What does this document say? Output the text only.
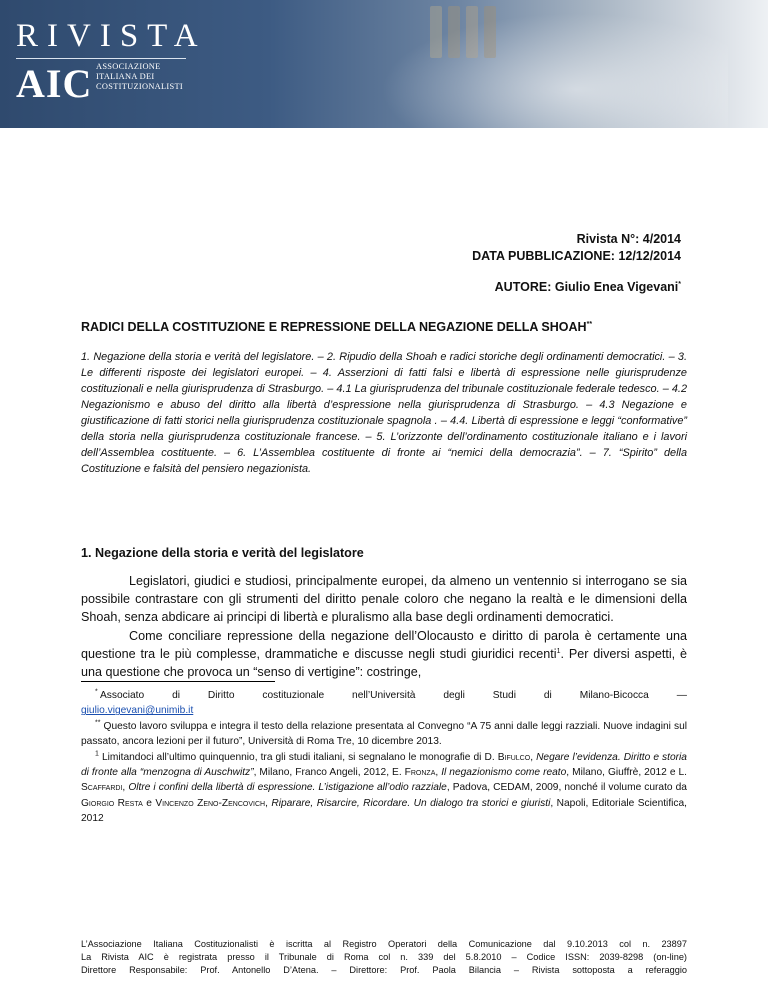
RIVISTA
AIC ASSOCIAZIONE
ITALIANA DEI
COSTITUZIONALISTI
Rivista N°: 4/2014
DATA PUBBLICAZIONE: 12/12/2014
AUTORE: Giulio Enea Vigevani*
RADICI DELLA COSTITUZIONE E REPRESSIONE DELLA NEGAZIONE DELLA SHOAH**

1. Negazione della storia e verità del legislatore. – 2. Ripudio della Shoah e radici storiche degli ordinamenti democratici. – 3. Le differenti risposte dei legislatori europei. – 4. Asserzioni di fatti falsi e libertà di espressione nelle giurisprudenze costituzionali e nella giurisprudenza di Strasburgo. – 4.1 La giurisprudenza del tribunale costituzionale federale tedesco. – 4.2 Negazionismo e abuso del diritto alla libertà d’espressione nella giurisprudenza di Strasburgo. – 4.3 Negazione e giustificazione di fatti storici nella giurisprudenza costituzionale spagnola . – 4.4. Libertà di espressione e leggi “conformative” della storia nella giurisprudenza costituzionale francese. – 5. L’orizzonte dell’ordinamento costituzionale italiano e i lavori dell’Assemblea costituente. – 6. L’Assemblea costituente di fronte ai “nemici della democrazia”. – 7. “Spirito” della Costituzione e falsità del pensiero negazionista.

1. Negazione della storia e verità del legislatore

Legislatori, giudici e studiosi, principalmente europei, da almeno un ventennio si interrogano se sia possibile contrastare con gli strumenti del diritto penale coloro che negano la realtà e le dimensioni della Shoah, senza abdicare ai principi di libertà e pluralismo alla base degli ordinamenti democratici.

Come conciliare repressione della negazione dell’Olocausto e diritto di parola è certamente una questione tra le più complesse, drammatiche e discusse negli studi giuridici recenti$^1$. Per diversi aspetti, è una questione che provoca un “senso di vertigine”: costringe,

* Associato	di	Diritto	costituzionale	nell’Università	degli	Studi	di	Milano-Bicocca	—

giulio.vigevani@unimib.it

** Questo lavoro sviluppa e integra il testo della relazione presentata al Convegno “A 75 anni dalle leggi razziali. Nuove indagini sul passato, ancora lezioni per il futuro”, Università di Roma Tre, 10 dicembre 2013.

$^1$ Limitandoci all’ultimo quinquennio, tra gli studi italiani, si segnalano le monografie di D. Bifulco, Negare l’evidenza. Diritto e storia di fronte alla “menzogna di Auschwitz”, Milano, Franco Angeli, 2012, E. Fronza, Il negazionismo come reato, Milano, Giuffrè, 2012 e L. Scaffardi, Oltre i confini della libertà di espressione. L’istigazione all’odio razziale, Padova, CEDAM, 2009, nonché il volume curato da Giorgio Resta e Vincenzo Zeno-Zencovich, Riparare, Risarcire, Ricordare. Un dialogo tra storici e giuristi, Napoli, Editoriale Scientifica, 2012

L’Associazione Italiana Costituzionalisti è iscritta al Registro Operatori della Comunicazione dal 9.10.2013 col n. 23897
La Rivista AIC è registrata presso il Tribunale di Roma col n. 339 del 5.8.2010 – Codice ISSN: 2039-8298 (on-line)
Direttore Responsabile: Prof. Antonello D’Atena. – Direttore: Prof. Paola Bilancia – Rivista sottoposta a referaggio
